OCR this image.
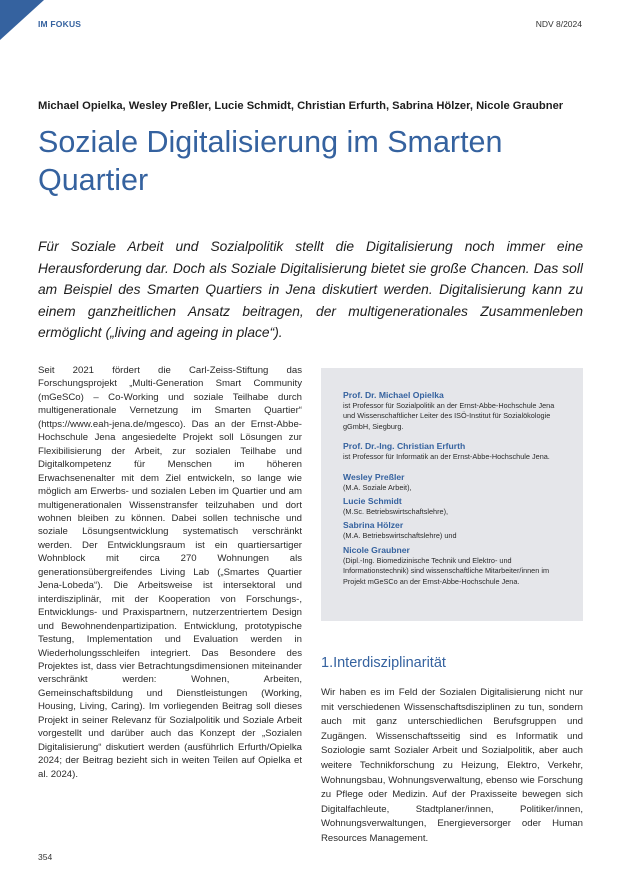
IM FOKUS	NDV 8/2024
Michael Opielka, Wesley Preßler, Lucie Schmidt, Christian Erfurth, Sabrina Hölzer, Nicole Graubner
Soziale Digitalisierung im Smarten Quartier

Für Soziale Arbeit und Sozialpolitik stellt die Digitalisierung noch immer eine Herausforderung dar. Doch als Soziale Digitalisierung bietet sie große Chancen. Das soll am Beispiel des Smarten Quartiers in Jena diskutiert werden. Digitalisierung kann zu einem ganzheitlichen Ansatz beitragen, der multigenerationales Zusammenleben ermöglicht („living and ageing in place“).

Seit 2021 fördert die Carl-Zeiss-Stiftung das Forschungsprojekt „Multi-Generation Smart Community (mGeSCo) – Co-Working und soziale Teilhabe durch multigenerationale Vernetzung im Smarten Quartier“ (https://www.eah-jena.de/mgesco). Das an der Ernst-Abbe-Hochschule Jena angesiedelte Projekt soll Lösungen zur Flexibilisierung der Arbeit, zur sozialen Teilhabe und Digitalkompetenz für Menschen im höheren Erwachsenenalter mit dem Ziel entwickeln, so lange wie möglich am Erwerbs- und sozialen Leben im Quartier und am multigenerationalen Wissenstransfer teilzuhaben und dort wohnen bleiben zu können. Dabei sollen technische und soziale Lösungsentwicklung systematisch verschränkt werden. Der Entwicklungsraum ist ein quartiersartiger Wohnblock mit circa 270 Wohnungen als generationsübergreifendes Living Lab („Smartes Quartier Jena-Lobeda“). Die Arbeitsweise ist intersektoral und interdisziplinär, mit der Kooperation von Forschungs-, Entwicklungs- und Praxispartnern, nutzerzentriertem Design und Bewohnendenpartizipation. Entwicklung, prototypische Testung, Implementation und Evaluation werden in Wiederholungsschleifen integriert. Das Besondere des Projektes ist, dass vier Betrachtungsdimensionen miteinander verschränkt werden: Wohnen, Arbeiten, Gemeinschaftsbildung und Dienstleistungen (Working, Housing, Living, Caring). Im vorliegenden Beitrag soll dieses Projekt in seiner Relevanz für Sozialpolitik und Soziale Arbeit vorgestellt und darüber auch das Konzept der „Sozialen Digitalisierung“ diskutiert werden (ausführlich Erfurth/Opielka 2024; der Beitrag bezieht sich in weiten Teilen auf Opielka et al. 2024).

Prof. Dr. Michael Opielka
ist Professor für Sozialpolitik an der Ernst-Abbe-Hochschule Jena und Wissenschaftlicher Leiter des ISÖ-Institut für Sozialökologie gGmbH, Siegburg.
Prof. Dr.-Ing. Christian Erfurth
ist Professor für Informatik an der Ernst-Abbe-Hochschule Jena.
Wesley Preßler
(M.A. Soziale Arbeit),
Lucie Schmidt
(M.Sc. Betriebswirtschaftslehre),
Sabrina Hölzer
(M.A. Betriebswirtschaftslehre) und
Nicole Graubner
(Dipl.-Ing. Biomedizinische Technik und Elektro- und Informationstechnik) sind wissenschaftliche Mitarbeiter/innen im Projekt mGeSCo an der Ernst-Abbe-Hochschule Jena.
1.Interdisziplinarität

Wir haben es im Feld der Sozialen Digitalisierung nicht nur mit verschiedenen Wissenschaftsdisziplinen zu tun, sondern auch mit ganz unterschiedlichen Berufsgruppen und Zugängen. Wissenschaftsseitig sind es Informatik und Soziologie samt Sozialer Arbeit und Sozialpolitik, aber auch weitere Technikforschung zu Heizung, Elektro, Verkehr, Wohnungsbau, Wohnungsverwaltung, ebenso wie Forschung zu Pflege oder Medizin. Auf der Praxisseite bewegen sich Digitalfachleute, Stadtplaner/innen, Politiker/innen, Wohnungsverwaltungen, Energieversorger oder Human Resources Management.

354
